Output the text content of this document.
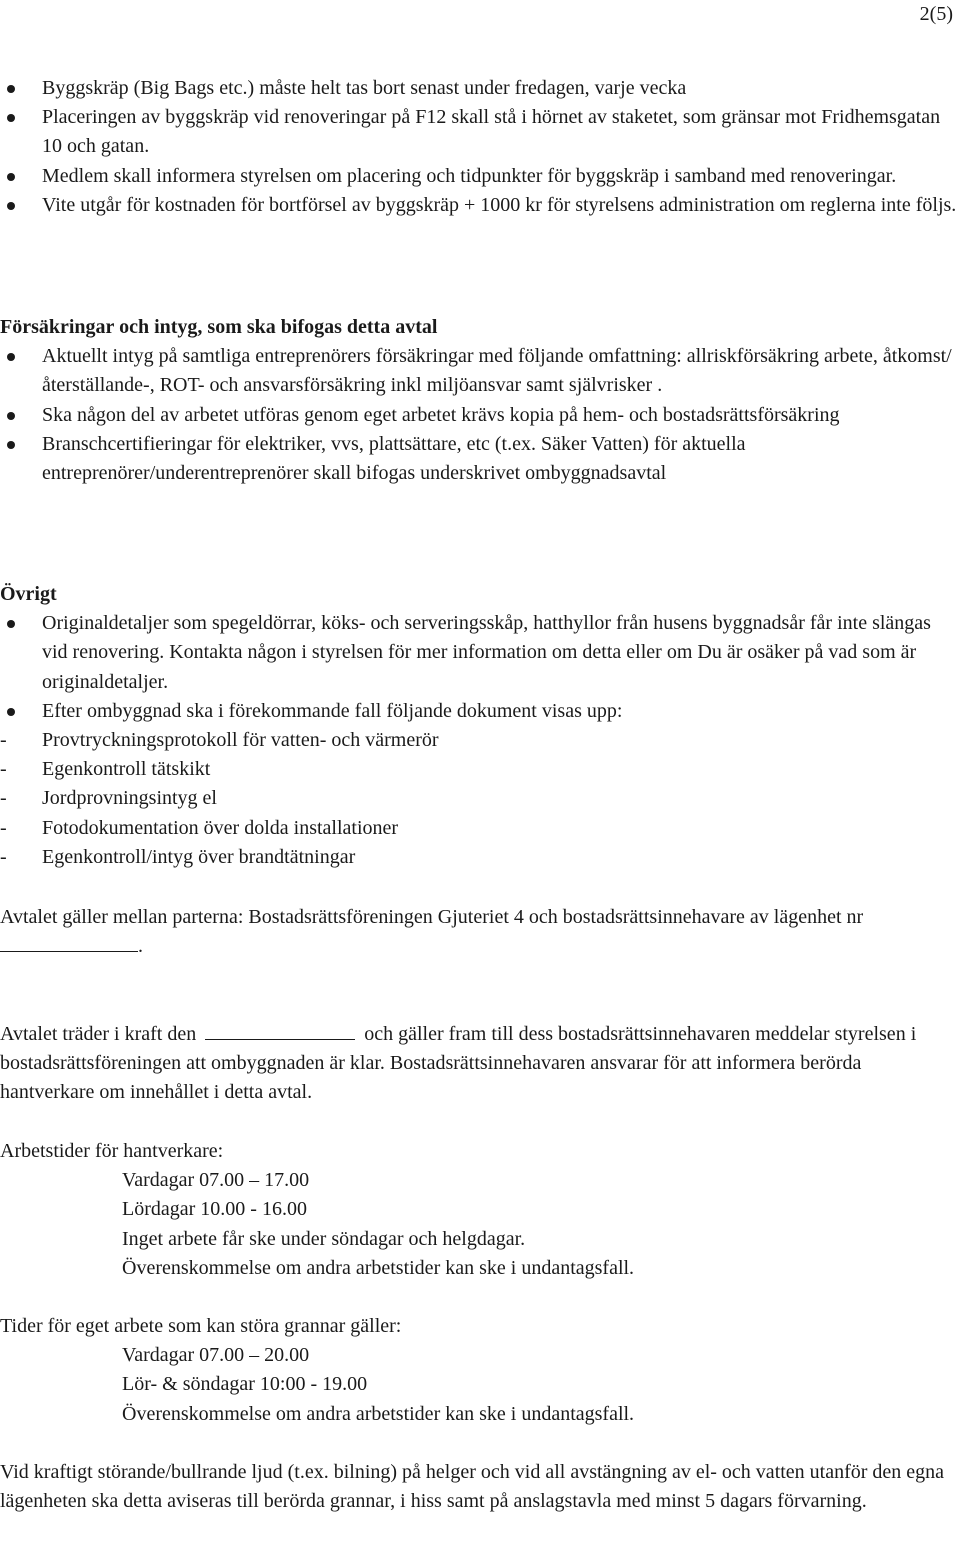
2(5)
Byggskräp (Big Bags etc.) måste helt tas bort senast under fredagen, varje vecka
Placeringen av byggskräp vid renoveringar på F12 skall stå i hörnet av staketet, som gränsar mot Fridhemsgatan 10 och gatan.
Medlem skall informera styrelsen om placering och tidpunkter för byggskräp i samband med renoveringar.
Vite utgår för kostnaden för bortförsel av byggskräp + 1000 kr för styrelsens administration om reglerna inte följs.
Försäkringar och intyg, som ska bifogas detta avtal
Aktuellt intyg på samtliga entreprenörers försäkringar med följande omfattning: allriskförsäkring arbete, åtkomst/återställande-, ROT- och ansvarsförsäkring inkl miljöansvar samt självrisker .
Ska någon del av arbetet utföras genom eget arbetet krävs kopia på hem- och bostadsrättsförsäkring
Branschcertifieringar för elektriker, vvs, plattsättare, etc (t.ex. Säker Vatten) för aktuella entreprenörer/underentreprenörer skall bifogas underskrivet ombyggnadsavtal
Övrigt
Originaldetaljer som spegeldörrar, köks- och serveringsskåp, hatthyllor från husens byggnadsår får inte slängas vid renovering. Kontakta någon i styrelsen för mer information om detta eller om Du är osäker på vad som är originaldetaljer.
Efter ombyggnad ska i förekommande fall följande dokument visas upp:
- Provtryckningsprotokoll för vatten- och värmerör
- Egenkontroll tätskikt
- Jordprovningsintyg el
- Fotodokumentation över dolda installationer
- Egenkontroll/intyg över brandtätningar

Avtalet gäller mellan parterna: Bostadsrättsföreningen Gjuteriet 4 och bostadsrättsinnehavare av lägenhet nr .

Avtalet träder i kraft den	och gäller fram till dess bostadsrättsinnehavaren meddelar styrelsen i bostadsrättsföreningen att ombyggnaden är klar. Bostadsrättsinnehavaren ansvarar för att informera berörda hantverkare om innehållet i detta avtal.

Arbetstider för hantverkare:

Vardagar 07.00 – 17.00

Lördagar 10.00 - 16.00

Inget arbete får ske under söndagar och helgdagar.

Överenskommelse om andra arbetstider kan ske i undantagsfall.

Tider för eget arbete som kan störa grannar gäller:

Vardagar 07.00 – 20.00

Lör- & söndagar 10:00 - 19.00

Överenskommelse om andra arbetstider kan ske i undantagsfall.

Vid kraftigt störande/bullrande ljud (t.ex. bilning) på helger och vid all avstängning av el- och vatten utanför den egna lägenheten ska detta aviseras till berörda grannar, i hiss samt på anslagstavla med minst 5 dagars förvarning.
